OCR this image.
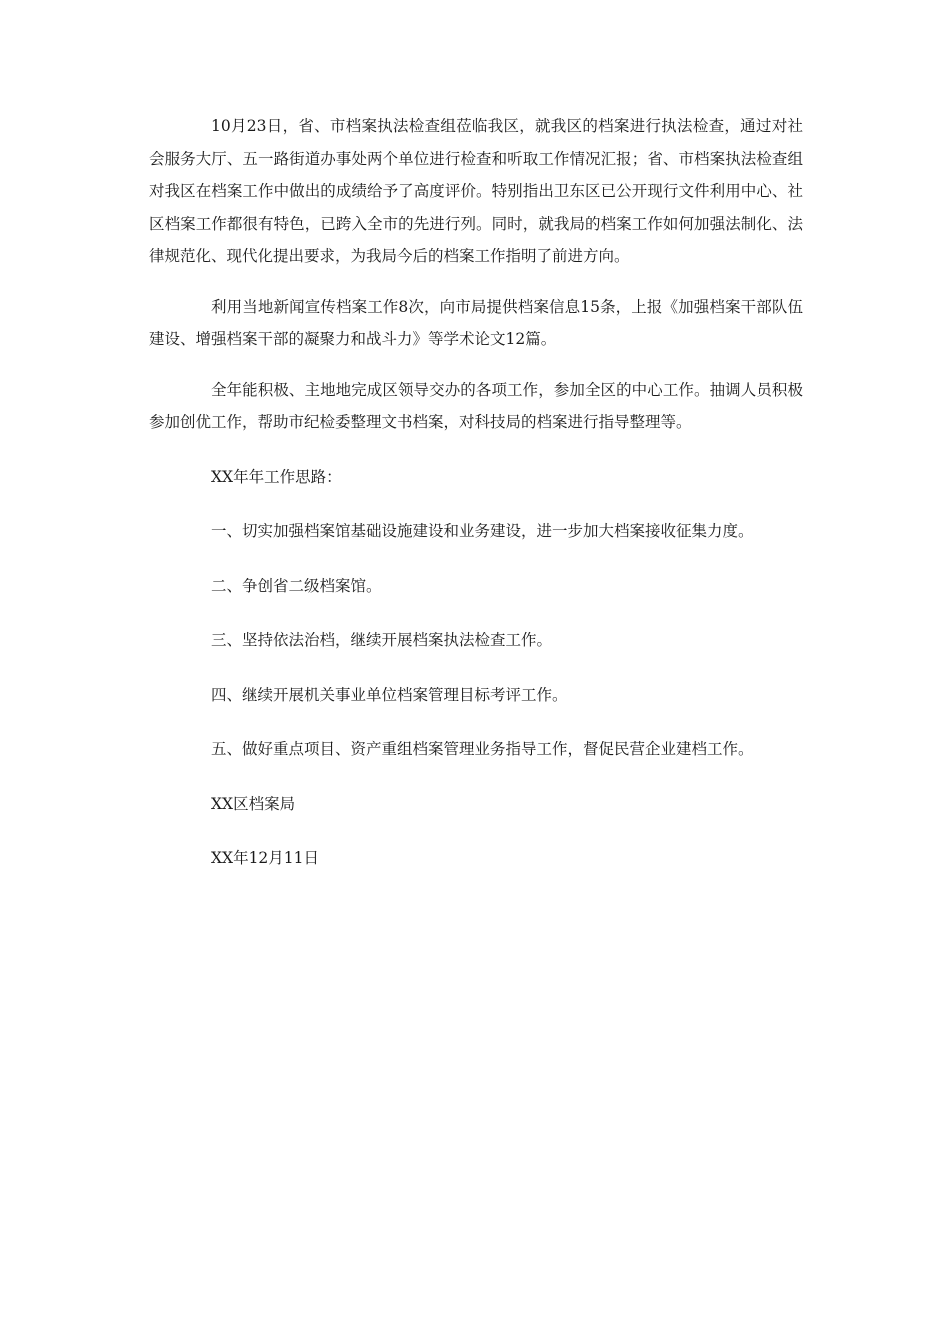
10月23日，省、市档案执法检查组莅临我区，就我区的档案进行执法检查，通过对社会服务大厅、五一路街道办事处两个单位进行检查和听取工作情况汇报；省、市档案执法检查组对我区在档案工作中做出的成绩给予了高度评价。特别指出卫东区已公开现行文件利用中心、社区档案工作都很有特色，已跨入全市的先进行列。同时，就我局的档案工作如何加强法制化、法律规范化、现代化提出要求，为我局今后的档案工作指明了前进方向。

利用当地新闻宣传档案工作8次，向市局提供档案信息15条，上报《加强档案干部队伍建设、增强档案干部的凝聚力和战斗力》等学术论文12篇。

全年能积极、主地地完成区领导交办的各项工作，参加全区的中心工作。抽调人员积极参加创优工作，帮助市纪检委整理文书档案，对科技局的档案进行指导整理等。

XX年年工作思路：

一、切实加强档案馆基础设施建设和业务建设，进一步加大档案接收征集力度。

二、争创省二级档案馆。

三、坚持依法治档，继续开展档案执法检查工作。

四、继续开展机关事业单位档案管理目标考评工作。

五、做好重点项目、资产重组档案管理业务指导工作，督促民营企业建档工作。

XX区档案局

XX年12月11日
